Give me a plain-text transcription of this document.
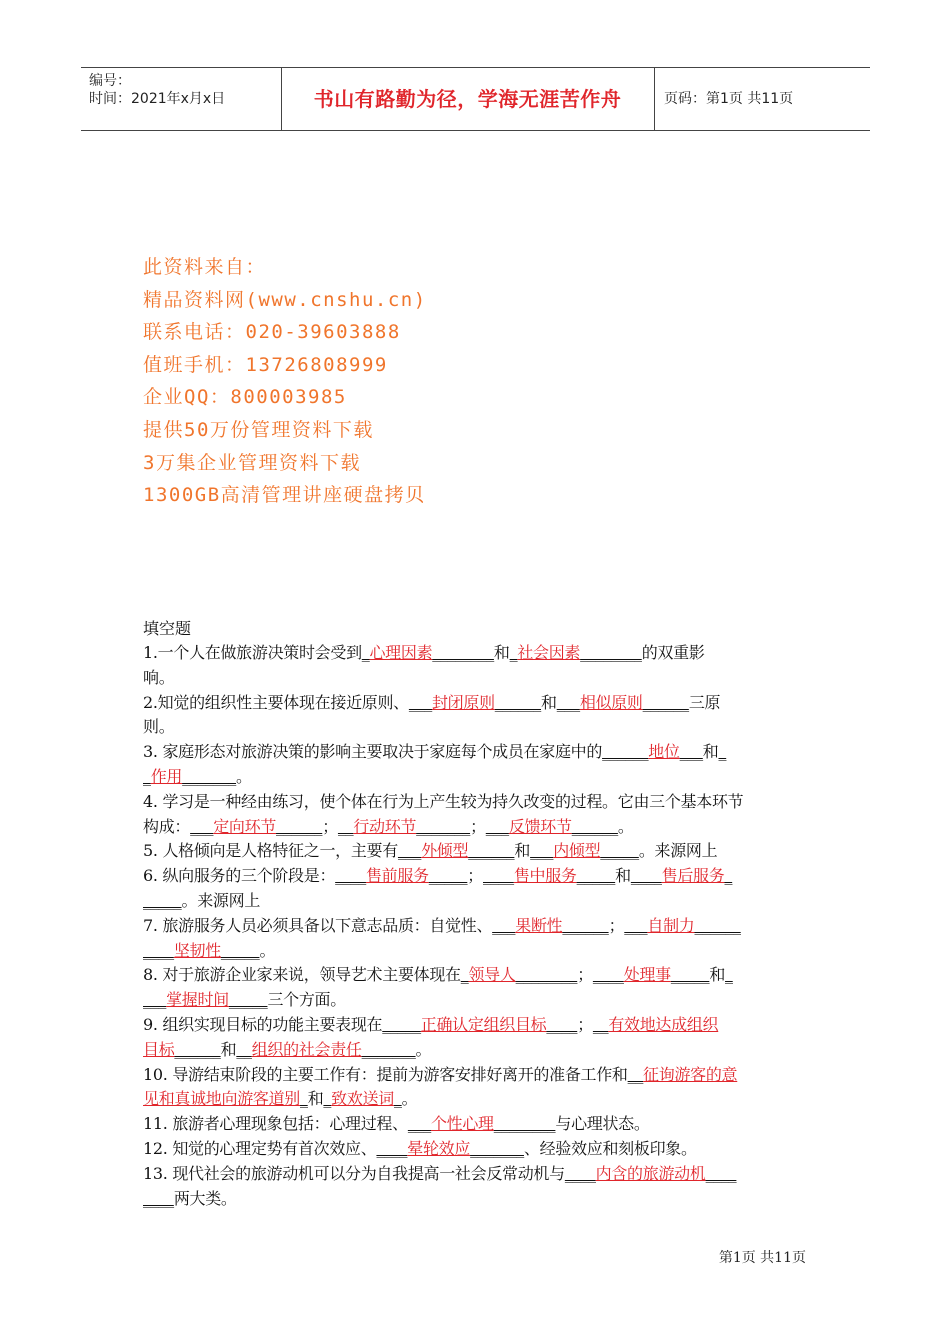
编号：
时间：2021年x月x日	书山有路勤为径，学海无涯苦作舟	页码：第1页 共11页
此资料来自：
精品资料网(www.cnshu.cn)
联系电话：020-39603888
值班手机：13726808999
企业QQ：800003985
提供50万份管理资料下载
3万集企业管理资料下载
1300GB高清管理讲座硬盘拷贝
填空题
1.一个人在做旅游决策时会受到_心理因素________和_社会因素________的双重影
响。
2.知觉的组织性主要体现在接近原则、___封闭原则______和___相似原则______三原
则。
3. 家庭形态对旅游决策的影响主要取决于家庭每个成员在家庭中的______地位___和_
_作用_______。
4. 学习是一种经由练习，使个体在行为上产生较为持久改变的过程。它由三个基本环节
构成：___定向环节______；__行动环节_______；___反馈环节______。
5. 人格倾向是人格特征之一，主要有___外倾型______和___内倾型_____。来源网上
6. 纵向服务的三个阶段是：____售前服务_____；____售中服务_____和____售后服务_
_____。来源网上
7. 旅游服务人员必须具备以下意志品质：自觉性、___果断性______；___自制力______
____坚韧性_____。
8. 对于旅游企业家来说，领导艺术主要体现在_领导人________；____处理事_____和_
___掌握时间_____三个方面。
9. 组织实现目标的功能主要表现在_____正确认定组织目标____；__有效地达成组织
目标______和__组织的社会责任_______。
10. 导游结束阶段的主要工作有：提前为游客安排好离开的准备工作和__征询游客的意
见和真诚地向游客道别_和_致欢送词_。
11. 旅游者心理现象包括：心理过程、___个性心理________与心理状态。
12. 知觉的心理定势有首次效应、____晕轮效应_______、经验效应和刻板印象。
13. 现代社会的旅游动机可以分为自我提高一社会反常动机与____内含的旅游动机____
____两大类。
第1页 共11页
